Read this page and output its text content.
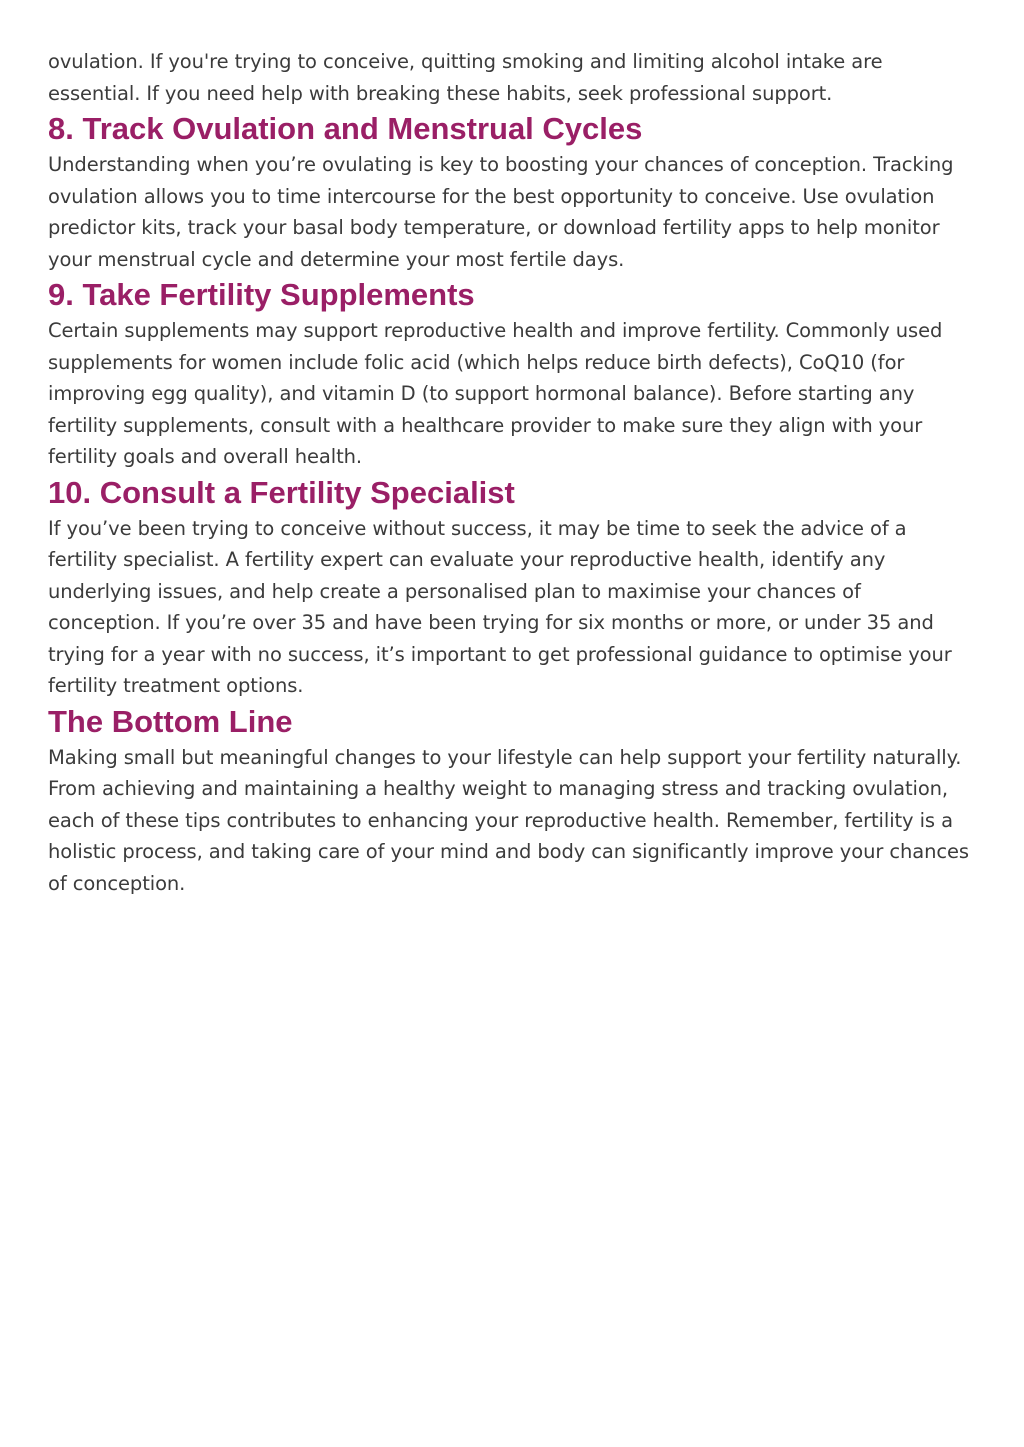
ovulation. If you're trying to conceive, quitting smoking and limiting alcohol intake are essential. If you need help with breaking these habits, seek professional support.

8. Track Ovulation and Menstrual Cycles

Understanding when you’re ovulating is key to boosting your chances of conception. Tracking ovulation allows you to time intercourse for the best opportunity to conceive. Use ovulation predictor kits, track your basal body temperature, or download fertility apps to help monitor your menstrual cycle and determine your most fertile days.

9. Take Fertility Supplements

Certain supplements may support reproductive health and improve fertility. Commonly used supplements for women include folic acid (which helps reduce birth defects), CoQ10 (for improving egg quality), and vitamin D (to support hormonal balance). Before starting any fertility supplements, consult with a healthcare provider to make sure they align with your fertility goals and overall health.

10. Consult a Fertility Specialist

If you’ve been trying to conceive without success, it may be time to seek the advice of a fertility specialist. A fertility expert can evaluate your reproductive health, identify any underlying issues, and help create a personalised plan to maximise your chances of conception. If you’re over 35 and have been trying for six months or more, or under 35 and trying for a year with no success, it’s important to get professional guidance to optimise your fertility treatment options.

The Bottom Line

Making small but meaningful changes to your lifestyle can help support your fertility naturally. From achieving and maintaining a healthy weight to managing stress and tracking ovulation, each of these tips contributes to enhancing your reproductive health. Remember, fertility is a holistic process, and taking care of your mind and body can significantly improve your chances of conception.
